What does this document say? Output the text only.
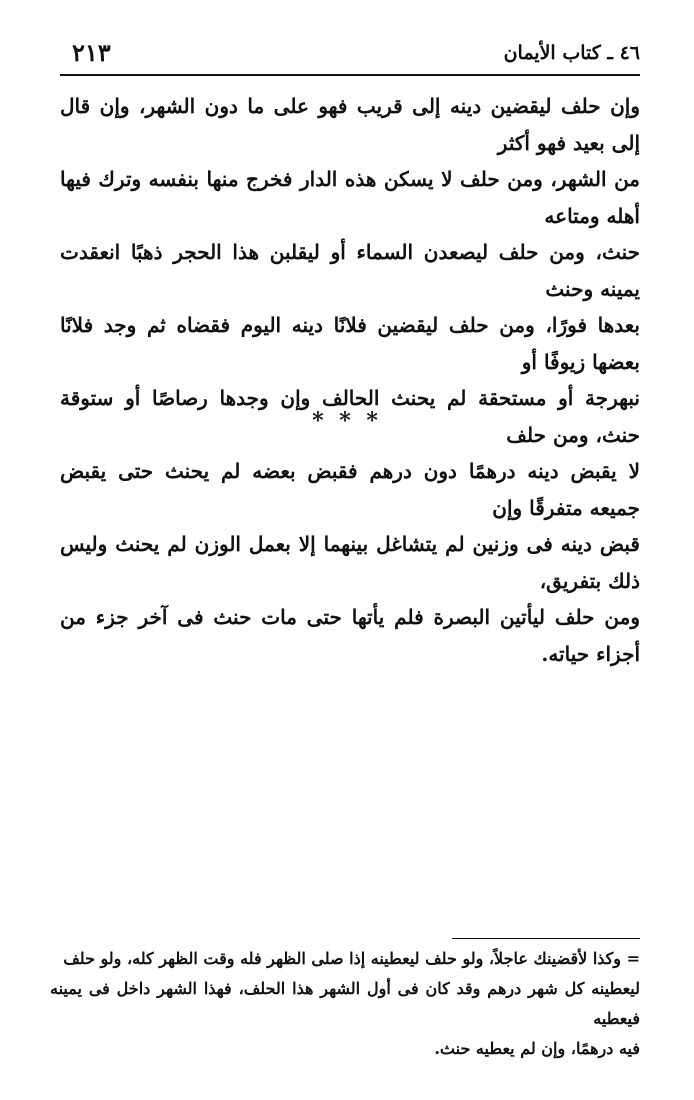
٤٦ ـ كتاب الأيمان
٢١٣
وإن حلف ليقضين دينه إلى قريب فهو على ما دون الشهر، وإن قال إلى بعيد فهو أكثر
من الشهر، ومن حلف لا يسكن هذه الدار فخرج منها بنفسه وترك فيها أهله ومتاعه
حنث، ومن حلف ليصعدن السماء أو ليقلبن هذا الحجر ذهبًا انعقدت يمينه وحنث
بعدها فورًا، ومن حلف ليقضين فلانًا دينه اليوم فقضاه ثم وجد فلانًا بعضها زيوفًا أو
نبهرجة أو مستحقة لم يحنث الحالف وإن وجدها رصاصًا أو ستوقة حنث، ومن حلف
لا يقبض دينه درهمًا دون درهم فقبض بعضه لم يحنث حتى يقبض جميعه متفرقًا وإن
قبض دينه فى وزنين لم يتشاغل بينهما إلا بعمل الوزن لم يحنث وليس ذلك بتفريق،
ومن حلف ليأتين البصرة فلم يأتها حتى مات حنث فى آخر جزء من أجزاء حياته.
* * *
= وكذا لأقضينك عاجلاً، ولو حلف ليعطينه إذا صلى الظهر فله وقت الظهر كله، ولو حلف
ليعطينه كل شهر درهم وقد كان فى أول الشهر هذا الحلف، فهذا الشهر داخل فى يمينه فيعطيه
فيه درهمًا، وإن لم يعطيه حنث.
